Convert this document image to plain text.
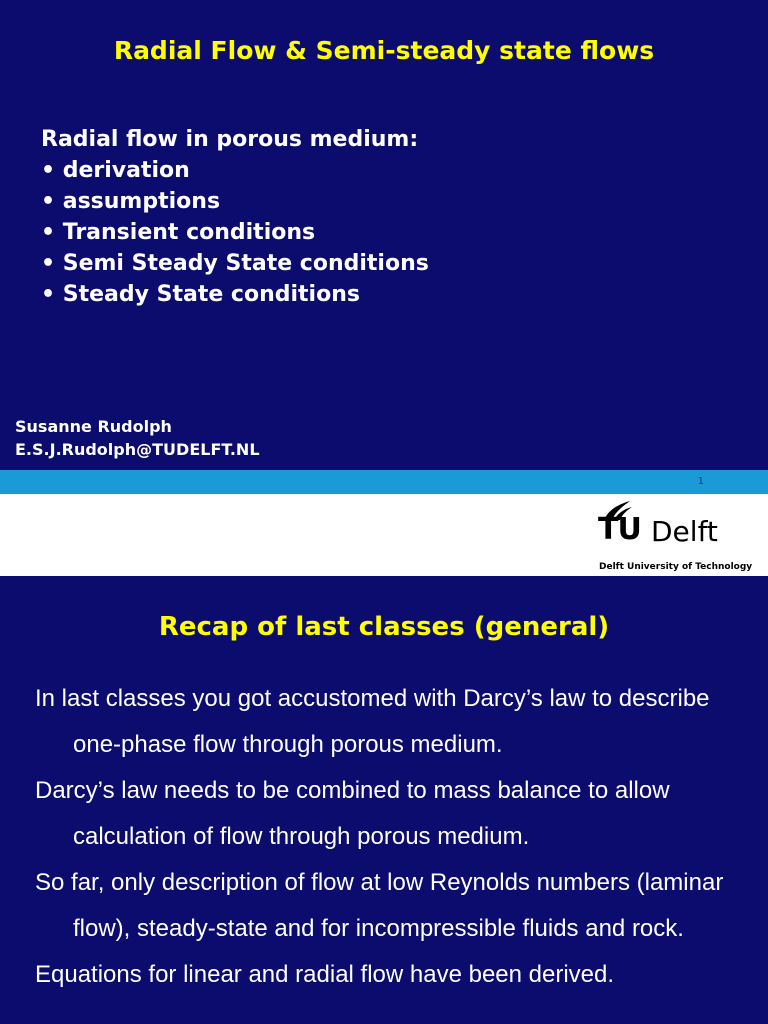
Radial Flow & Semi-steady state flows
Radial flow in porous medium:
• derivation
• assumptions
• Transient conditions
• Semi Steady State conditions
• Steady State conditions
Susanne Rudolph
E.S.J.Rudolph@TUDELFT.NL
1
TU Delft
Delft University of Technology
Recap of last classes (general)

In last classes you got accustomed with Darcy’s law to describe one-phase flow through porous medium.

Darcy’s law needs to be combined to mass balance to allow calculation of flow through porous medium.

So far, only description of flow at low Reynolds numbers (laminar flow), steady-state and for incompressible fluids and rock.

Equations for linear and radial flow have been derived.
